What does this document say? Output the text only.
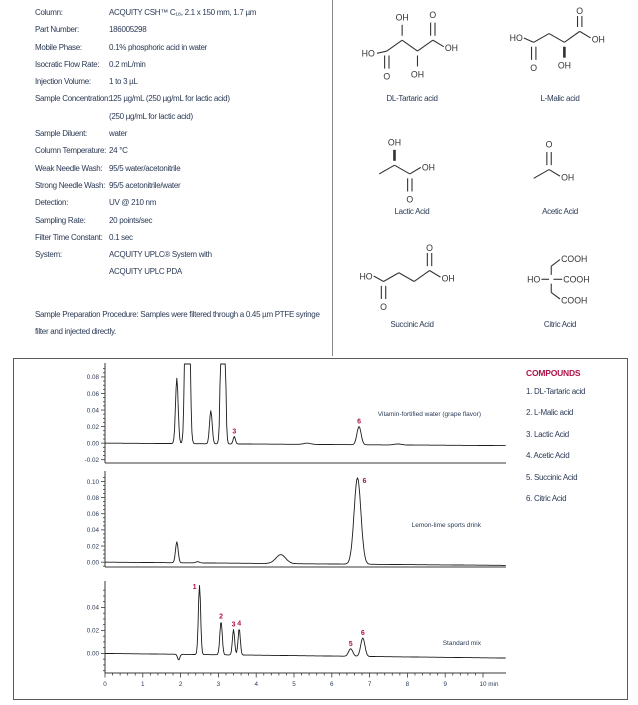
Column:	ACQUITY CSH™ C₁₈, 2.1 x 150 mm, 1.7 µm
Part Number:	186005298
Mobile Phase:	0.1% phosphoric acid in water
Isocratic Flow Rate:	0.2 mL/min
Injection Volume:	1 to 3 µL
Sample Concentration:
125 µg/mL (250 µg/mL for lactic acid)
(250 µg/mL for lactic acid)
Sample Diluent:	water
Column Temperature: 24 °C
Weak Needle Wash: 95/5 water/acetonitrile
Strong Needle Wash: 95/5 acetonitrile/water
Detection:	UV @ 210 nm
Sampling Rate:	20 points/sec
Filter Time Constant: 0.1 sec
System:	ACQUITY UPLC® System with
ACQUITY UPLC PDA

Sample Preparation Procedure: Samples were filtered through a 0.45 µm PTFE syringe filter and injected directly.

HO
O
OH
OH
O
OH
DL-Tartaric acid
HO
O	OH
O
OH
L-Malic acid
OH
O
OH
Lactic Acid
O
OH
Acetic Acid
HO
O
O
OH
Succinic Acid
HO	COOH
COOH
COOH
Citric Acid
-0.02
0.00
0.02
0.04
0.06
0.08
3
6
Vitamin-fortified water (grape flavor)
0.00
0.02
0.04
0.06
0.08
0.10	6
Lemon-lime sports drink
0.00
0.02
0.04
0	1	2	3	4	5	6	7	8	9	10 min
1
2
3 4
5
6
Standard mix
COMPOUNDS
1. DL-Tartaric acid
2. L-Malic acid
3. Lactic Acid
4. Acetic Acid
5. Succinic Acid
6. Citric Acid
